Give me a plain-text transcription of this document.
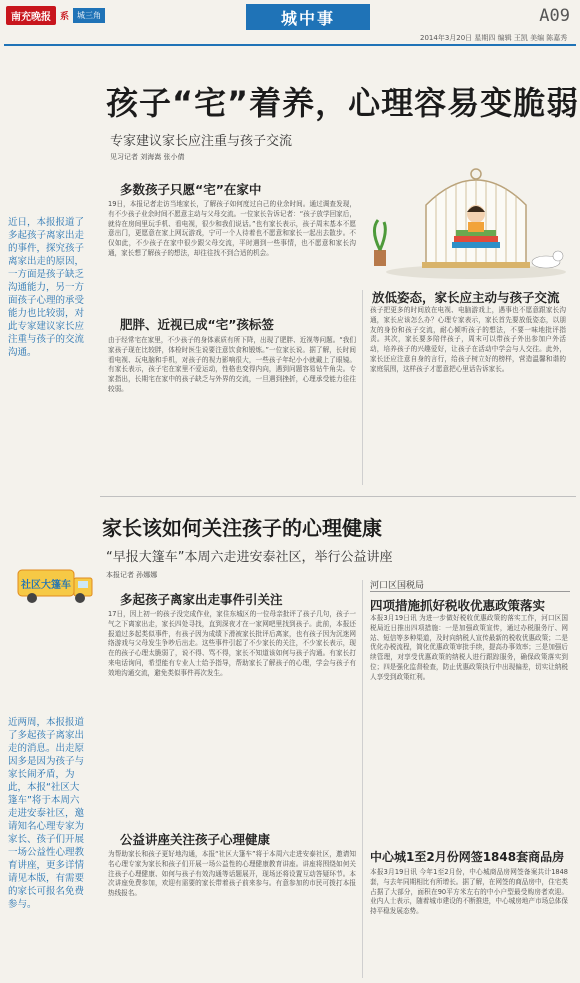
南充晚报	系	城三角	城中事	A09
2014年3月20日 星期四 编辑 王凯 美编 陈嘉秀
近日，本报报道了多起孩子离家出走的事件，探究孩子离家出走的原因，一方面是孩子缺乏沟通能力，另一方面孩子心理的承受能力也比较弱，对此专家建议家长应注重与孩子的交流沟通。
孩子“宅”着养，心理容易变脆弱
专家建议家长应注重与孩子交流
见习记者 刘海嵩 张小倩
多数孩子只愿“宅”在家中
19日，本报记者走访当地家长，了解孩子如何度过自己的业余时间。通过调查发现，有不少孩子业余时间不愿意主动与父母交流。一位家长告诉记者：“孩子放学回家后，就待在房间里玩手机、看电视，很少和我们说话。”也有家长表示，孩子周末基本不愿意出门，更愿意在家上网玩游戏，宁可一个人待着也不愿意和家长一起出去散步。不仅如此，不少孩子在家中很少跟父母交流，平时遇到一些事情，也不愿意和家长沟通，家长想了解孩子的想法，却往往找不到合适的机会。
肥胖、近视已成“宅”孩标签
由于经常宅在家里，不少孩子的身体素质有所下降，出现了肥胖、近视等问题。“我们家孩子现在比较胖，体检时医生说要注意饮食和锻炼。”一位家长说。据了解，长时间看电视、玩电脑和手机，对孩子的视力影响很大，一些孩子年纪小小就戴上了眼镜。有家长表示，孩子宅在家里不爱运动，性格也变得内向，遇到问题容易钻牛角尖。专家指出，长期宅在家中的孩子缺乏与外界的交流，一旦遇到挫折，心理承受能力往往较弱。
放低姿态，家长应主动与孩子交流
孩子把更多的时间放在电视、电脑游戏上，遇事也不愿意跟家长沟通，家长应该怎么办？心理专家表示，家长首先要放低姿态，以朋友的身份和孩子交流，耐心倾听孩子的想法，不要一味地批评指责。其次，家长要多陪伴孩子，周末可以带孩子外出参加户外活动，培养孩子的兴趣爱好，让孩子在活动中学会与人交往。此外，家长还应注意自身的言行，给孩子树立好的榜样，营造温馨和谐的家庭氛围，这样孩子才愿意把心里话告诉家长。
家长该如何关注孩子的心理健康
“早报大篷车”本周六走进安泰社区，举行公益讲座
本报记者 孙娜娜
社区大篷车
近两周，本报报道了多起孩子离家出走的消息。出走原因多是因为孩子与家长闹矛盾，为此，本报“社区大篷车”将于本周六走进安泰社区，邀请知名心理专家为家长、孩子们开展一场公益性心理教育讲座，更多详情请见本版，有需要的家长可报名免费参与。
多起孩子离家出走事件引关注
17日，因上初一的孩子没完成作业，家住东城区的一位母亲批评了孩子几句，孩子一气之下离家出走，家长四处寻找，直到深夜才在一家网吧里找到孩子。此前，本报还报道过多起类似事件，有孩子因为成绩下滑被家长批评后离家，也有孩子因为沉迷网络游戏与父母发生争吵后出走。这些事件引起了不少家长的关注，不少家长表示，现在的孩子心理太脆弱了，说不得、骂不得，家长不知道该如何与孩子沟通。有家长打来电话询问，希望能有专业人士给予指导，帮助家长了解孩子的心理，学会与孩子有效地沟通交流，避免类似事件再次发生。
公益讲座关注孩子心理健康
为帮助家长和孩子更好地沟通，本报“社区大篷车”将于本周六走进安泰社区，邀请知名心理专家为家长和孩子们开展一场公益性的心理健康教育讲座。讲座将围绕如何关注孩子心理健康、如何与孩子有效沟通等话题展开，现场还将设置互动答疑环节。本次讲座免费参加，欢迎有需要的家长带着孩子前来参与。有意参加的市民可拨打本报热线报名。
河口区国税局
四项措施抓好税收优惠政策落实
本报3月19日讯 为进一步做好税收优惠政策的落实工作，河口区国税局近日推出四项措施：一是加强政策宣传，通过办税服务厅、网站、短信等多种渠道，及时向纳税人宣传最新的税收优惠政策；二是优化办税流程，简化优惠政策审批手续，提高办事效率；三是加强后续管理，对享受优惠政策的纳税人进行跟踪服务，确保政策落实到位；四是强化监督检查，防止优惠政策执行中出现偏差，切实让纳税人享受到政策红利。
中心城1至2月份网签1848套商品房
本报3月19日讯 今年1至2月份，中心城商品房网签备案共计1848套，与去年同期相比有所增长。据了解，在网签的商品房中，住宅类占据了大部分，面积在90平方米左右的中小户型最受购房者欢迎。业内人士表示，随着城市建设的不断推进，中心城房地产市场总体保持平稳发展态势。
